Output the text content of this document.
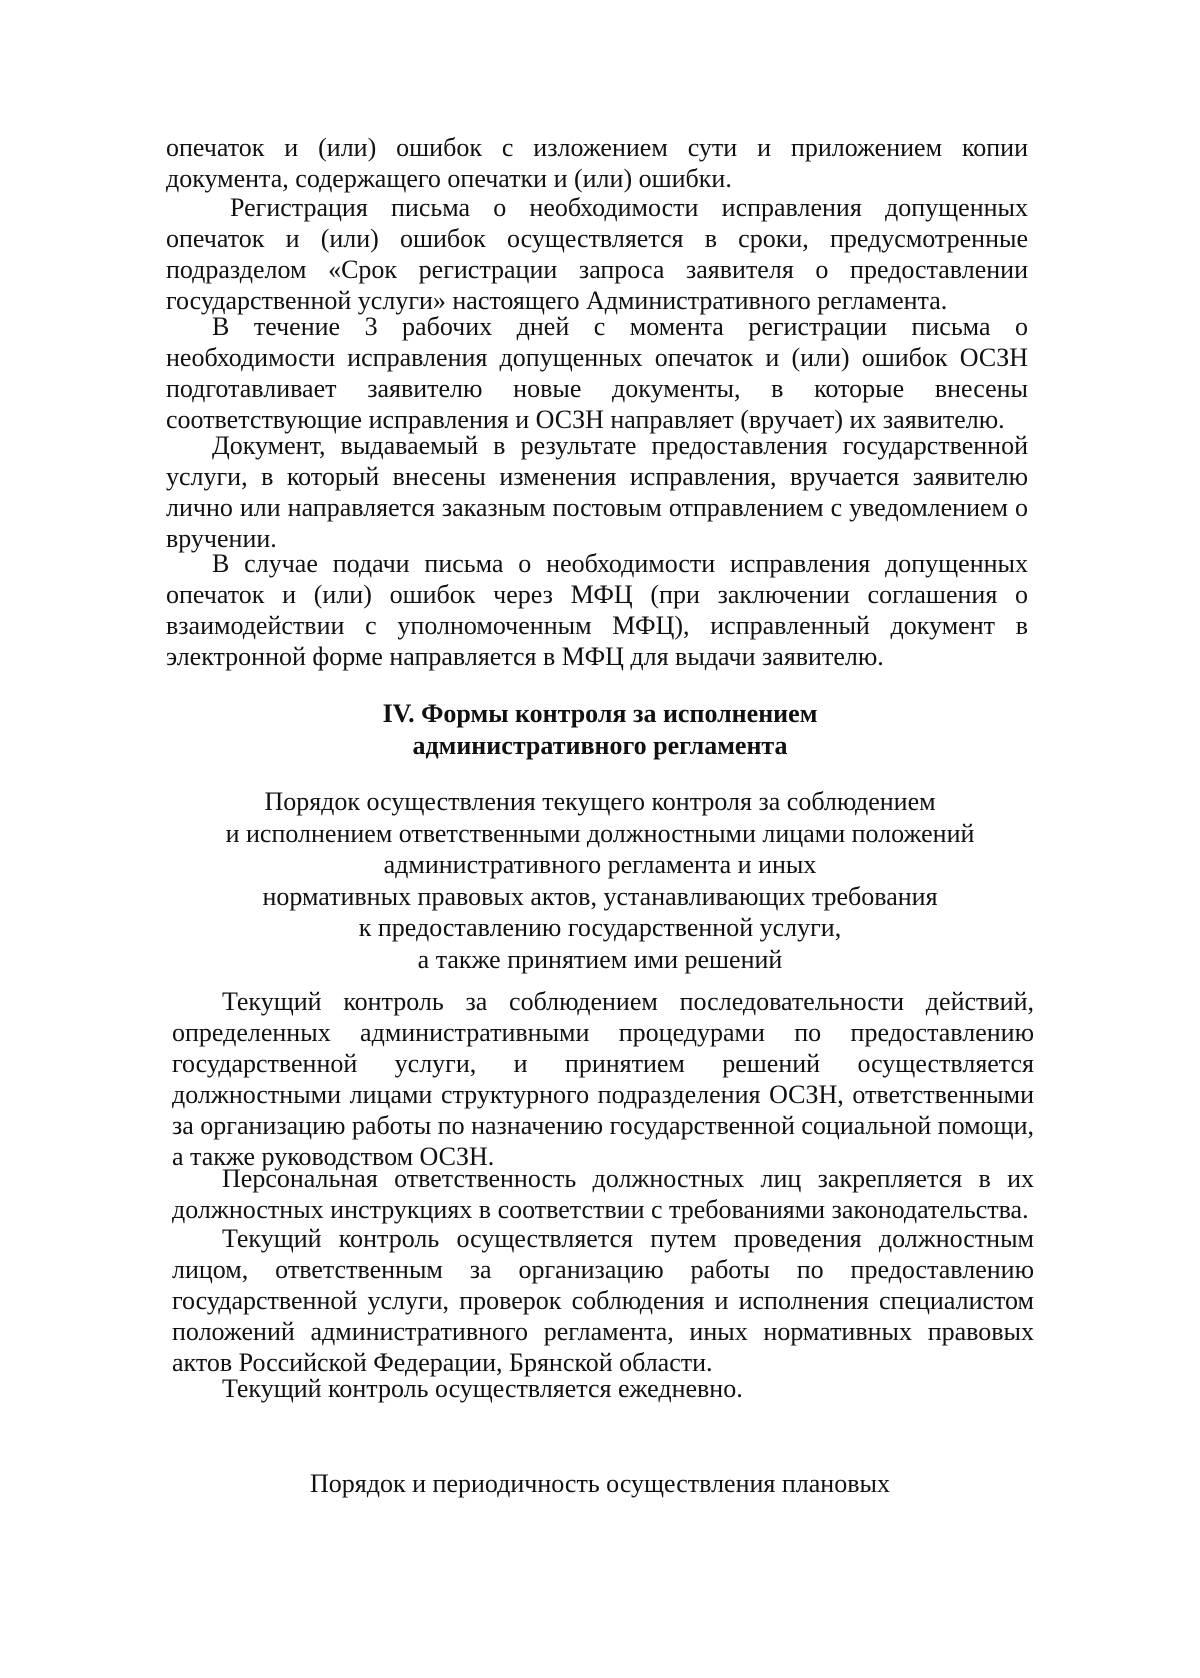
опечаток и (или) ошибок с изложением сути и приложением копии документа, содержащего опечатки и (или) ошибки.

Регистрация письма о необходимости исправления допущенных опечаток и (или) ошибок осуществляется в сроки, предусмотренные подразделом «Срок регистрации запроса заявителя о предоставлении государственной услуги» настоящего Административного регламента.

В течение 3 рабочих дней с момента регистрации письма о необходимости исправления допущенных опечаток и (или) ошибок ОСЗН подготавливает заявителю новые документы, в которые внесены соответствующие исправления и ОСЗН направляет (вручает) их заявителю.

Документ, выдаваемый в результате предоставления государственной услуги, в который внесены изменения исправления, вручается заявителю лично или направляется заказным постовым отправлением с уведомлением о вручении.

В случае подачи письма о необходимости исправления допущенных опечаток и (или) ошибок через МФЦ (при заключении соглашения о взаимодействии с уполномоченным МФЦ), исправленный документ в электронной форме направляется в МФЦ для выдачи заявителю.

IV. Формы контроля за исполнением
административного регламента
Порядок осуществления текущего контроля за соблюдением
и исполнением ответственными должностными лицами положений
административного регламента и иных
нормативных правовых актов, устанавливающих требования
к предоставлению государственной услуги,
а также принятием ими решений

Текущий контроль за соблюдением последовательности действий, определенных административными процедурами по предоставлению государственной услуги, и принятием решений осуществляется должностными лицами структурного подразделения ОСЗН, ответственными за организацию работы по назначению государственной социальной помощи, а также руководством ОСЗН.

Персональная ответственность должностных лиц закрепляется в их должностных инструкциях в соответствии с требованиями законодательства.

Текущий контроль осуществляется путем проведения должностным лицом, ответственным за организацию работы по предоставлению государственной услуги, проверок соблюдения и исполнения специалистом положений административного регламента, иных нормативных правовых актов Российской Федерации, Брянской области.

Текущий контроль осуществляется ежедневно.

Порядок и периодичность осуществления плановых
